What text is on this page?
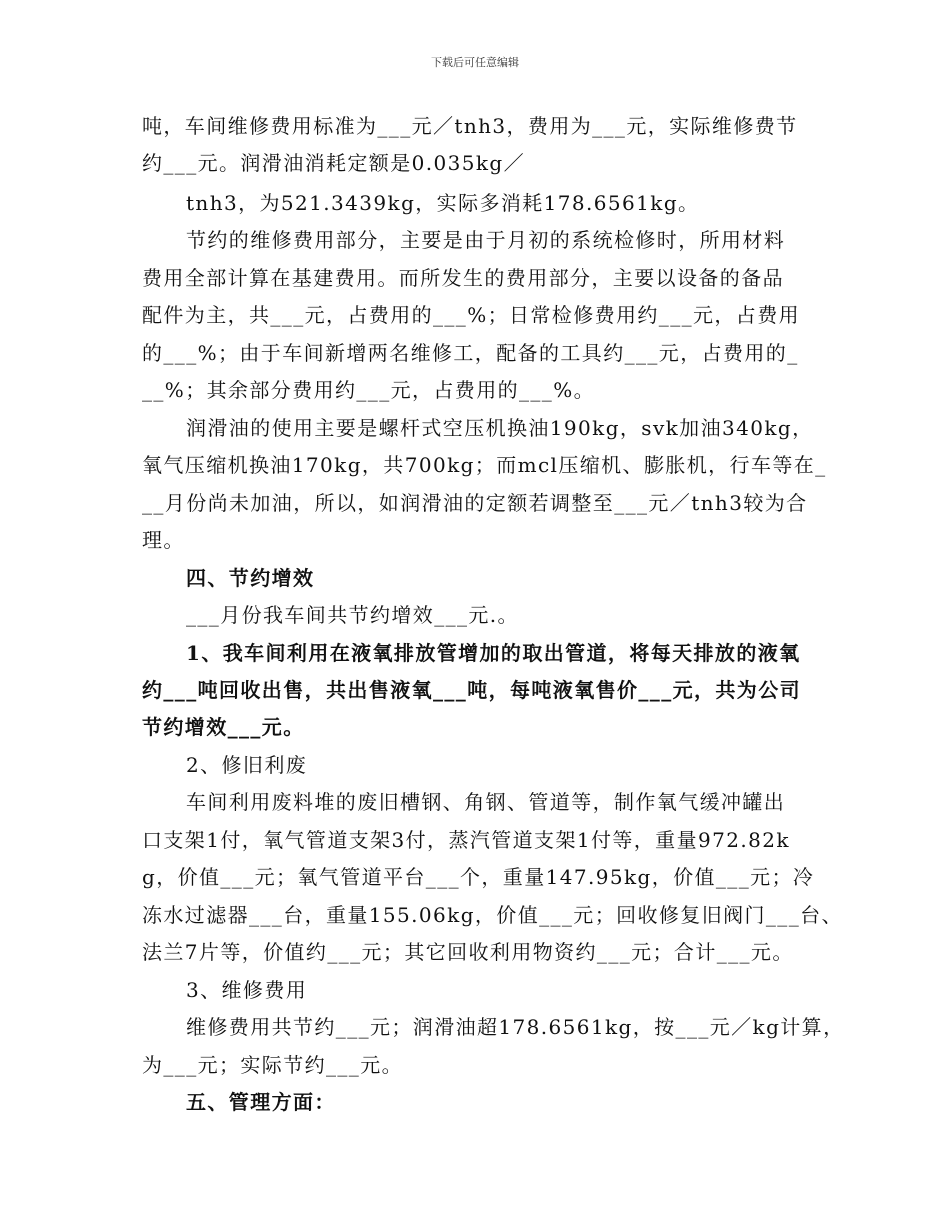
下载后可任意编辑
吨，车间维修费用标准为___元／tnh3，费用为___元，实际维修费节
约___元。润滑油消耗定额是0.035kg／
tnh3，为521.3439kg，实际多消耗178.6561kg。
节约的维修费用部分，主要是由于月初的系统检修时，所用材料
费用全部计算在基建费用。而所发生的费用部分，主要以设备的备品
配件为主，共___元，占费用的___%；日常检修费用约___元，占费用
的___%；由于车间新增两名维修工，配备的工具约___元，占费用的_
__%；其余部分费用约___元，占费用的___%。
润滑油的使用主要是螺杆式空压机换油190kg，svk加油340kg，
氧气压缩机换油170kg，共700kg；而mcl压缩机、膨胀机，行车等在_
__月份尚未加油，所以，如润滑油的定额若调整至___元／tnh3较为合
理。
四、节约增效
___月份我车间共节约增效___元.。
1、我车间利用在液氧排放管增加的取出管道，将每天排放的液氧
约___吨回收出售，共出售液氧___吨，每吨液氧售价___元，共为公司
节约增效___元。
2、修旧利废
车间利用废料堆的废旧槽钢、角钢、管道等，制作氧气缓冲罐出
口支架1付，氧气管道支架3付，蒸汽管道支架1付等，重量972.82k
g，价值___元；氧气管道平台___个，重量147.95kg，价值___元；冷
冻水过滤器___台，重量155.06kg，价值___元；回收修复旧阀门___台、
法兰7片等，价值约___元；其它回收利用物资约___元；合计___元。
3、维修费用
维修费用共节约___元；润滑油超178.6561kg，按___元／kg计算，
为___元；实际节约___元。
五、管理方面：
